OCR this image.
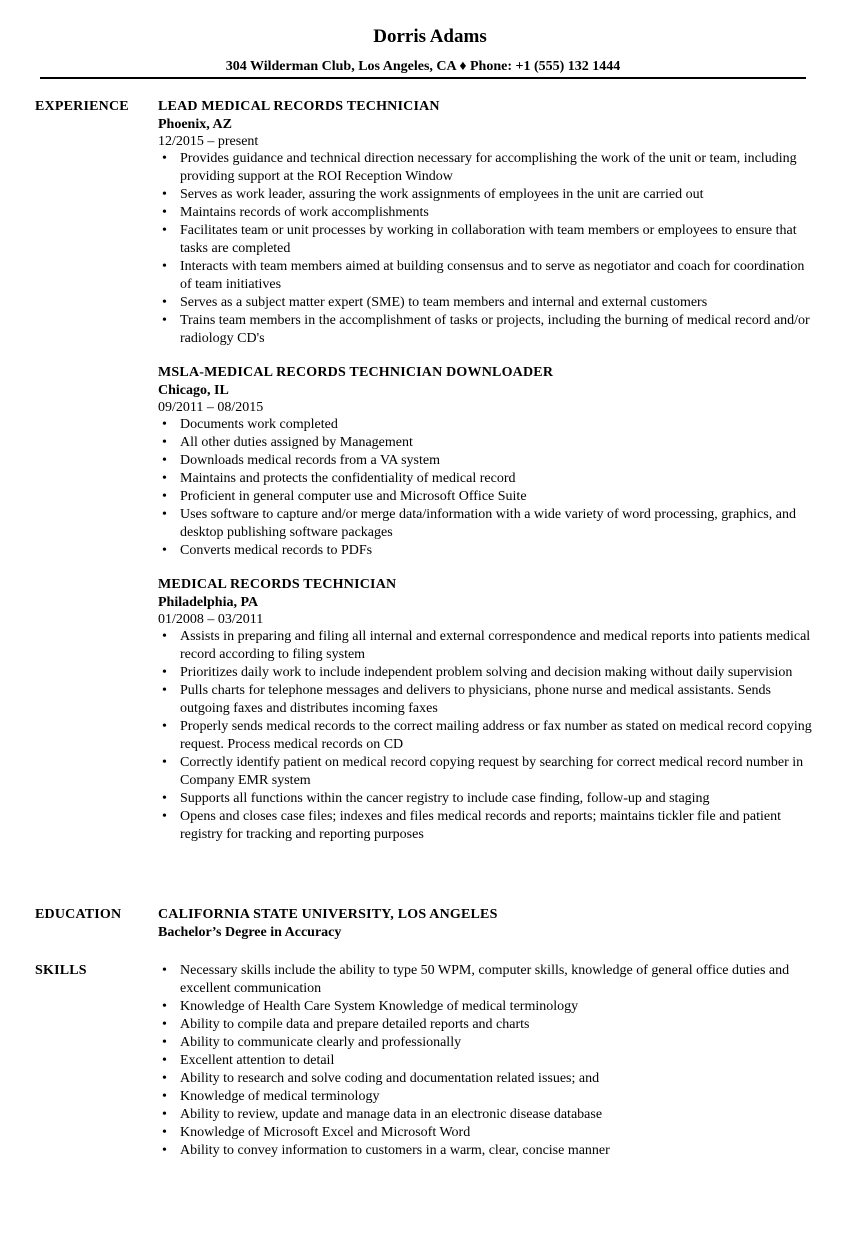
Dorris Adams
304 Wilderman Club, Los Angeles, CA ♦ Phone: +1 (555) 132 1444
EXPERIENCE LEAD MEDICAL RECORDS TECHNICIAN
Phoenix, AZ
12/2015 – present
• Provides guidance and technical direction necessary for accomplishing the work of the unit or team, including providing support at the ROI Reception Window
• Serves as work leader, assuring the work assignments of employees in the unit are carried out
• Maintains records of work accomplishments
• Facilitates team or unit processes by working in collaboration with team members or employees to ensure that tasks are completed
• Interacts with team members aimed at building consensus and to serve as negotiator and coach for coordination of team initiatives
• Serves as a subject matter expert (SME) to team members and internal and external customers
• Trains team members in the accomplishment of tasks or projects, including the burning of medical record and/or radiology CD's
MSLA-MEDICAL RECORDS TECHNICIAN DOWNLOADER
Chicago, IL
09/2011 – 08/2015
• Documents work completed
• All other duties assigned by Management
• Downloads medical records from a VA system
• Maintains and protects the confidentiality of medical record
• Proficient in general computer use and Microsoft Office Suite
• Uses software to capture and/or merge data/information with a wide variety of word processing, graphics, and desktop publishing software packages
• Converts medical records to PDFs
MEDICAL RECORDS TECHNICIAN
Philadelphia, PA
01/2008 – 03/2011
• Assists in preparing and filing all internal and external correspondence and medical reports into patients medical record according to filing system
• Prioritizes daily work to include independent problem solving and decision making without daily supervision
• Pulls charts for telephone messages and delivers to physicians, phone nurse and medical assistants. Sends outgoing faxes and distributes incoming faxes
• Properly sends medical records to the correct mailing address or fax number as stated on medical record copying request. Process medical records on CD
• Correctly identify patient on medical record copying request by searching for correct medical record number in Company EMR system
• Supports all functions within the cancer registry to include case finding, follow-up and staging
• Opens and closes case files; indexes and files medical records and reports; maintains tickler file and patient registry for tracking and reporting purposes
EDUCATION	CALIFORNIA STATE UNIVERSITY, LOS ANGELES
Bachelor’s Degree in Accuracy
SKILLS
•	Necessary skills include the ability to type 50 WPM, computer skills, knowledge of general office duties and excellent communication
• Knowledge of Health Care System Knowledge of medical terminology
• Ability to compile data and prepare detailed reports and charts
• Ability to communicate clearly and professionally
• Excellent attention to detail
• Ability to research and solve coding and documentation related issues; and
• Knowledge of medical terminology
• Ability to review, update and manage data in an electronic disease database
• Knowledge of Microsoft Excel and Microsoft Word
• Ability to convey information to customers in a warm, clear, concise manner
